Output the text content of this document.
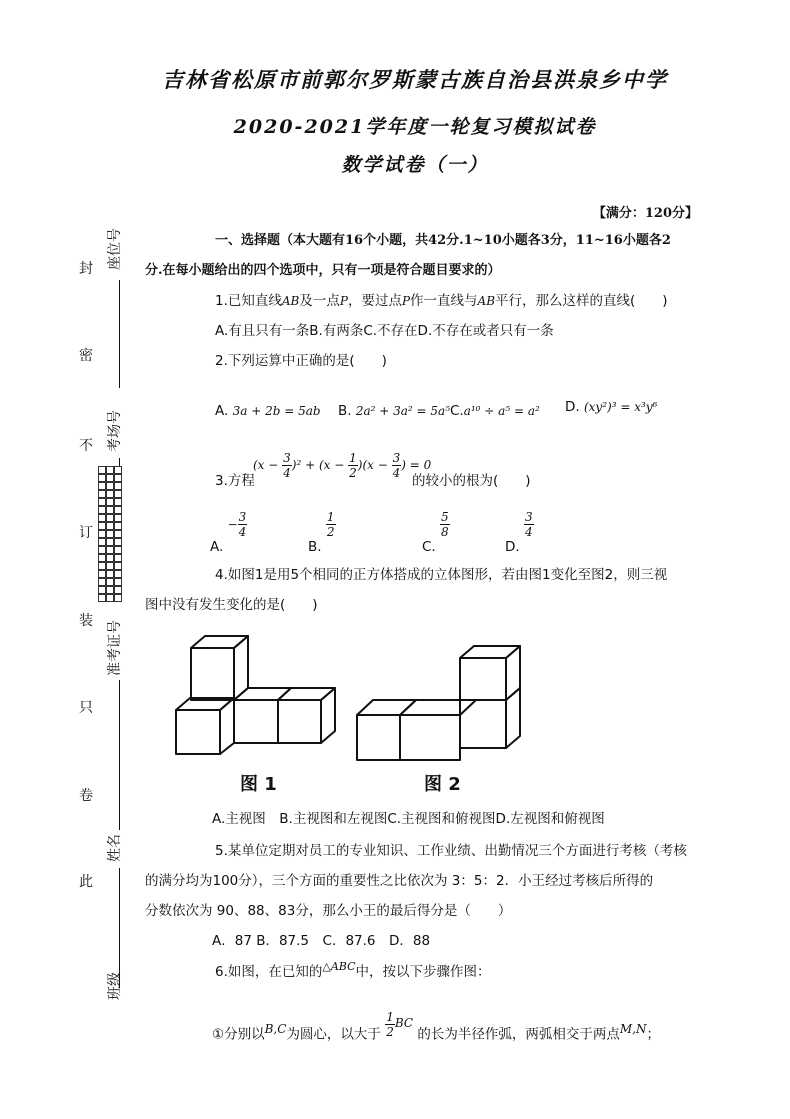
吉林省松原市前郭尔罗斯蒙古族自治县洪泉乡中学
2020-2021学年度一轮复习模拟试卷
数学试卷（一）
【满分：120分】
封
密
不
订
装
只
卷
此
座位号
考场号
准考证号
姓名
班级
一、选择题（本大题有16个小题，共42分.1~10小题各3分，11~16小题各2
分.在每小题给出的四个选项中，只有一项是符合题目要求的）
1.已知直线AB及一点P，要过点P作一直线与AB平行，那么这样的直线(　　)
A.有且只有一条B.有两条C.不存在D.不存在或者只有一条
2.下列运算中正确的是(　　)
A. 3a + 2b = 5ab B. 2a² + 3a² = 5a⁵ C.a¹⁰ ÷ a⁵ = a² D. (xy²)³ = x³y⁶
3.方程
$(x - \frac{3}{4} )^2 + (x - \frac{1}{2} )(x - \frac{3}{4}$ ) = 0
的较小的根为(　　)
A. − $\frac{3}{4}$
B.
$\frac{1}{2}$
C.
$\frac{5}{8}$
D.
$\frac{3}{4}$
4.如图1是用5个相同的正方体搭成的立体图形，若由图1变化至图2，则三视
图中没有发生变化的是(　　)
图 1	图 2
A.主视图　B.主视图和左视图C.主视图和俯视图D.左视图和俯视图
5.某单位定期对员工的专业知识、工作业绩、出勤情况三个方面进行考核（考核
的满分均为100分），三个方面的重要性之比依次为 3：5：2．小王经过考核后所得的
分数依次为 90、88、83分，那么小王的最后得分是（　　）
A．87 B．87.5　C．87.6　D．88
6.如图，在已知的$^{\triangle ABC}$中，按以下步骤作图：
①分别以B,C为圆心，以大于 $\frac{1}{2}$ BC 的长为半径作弧，两弧相交于两点M,N；
